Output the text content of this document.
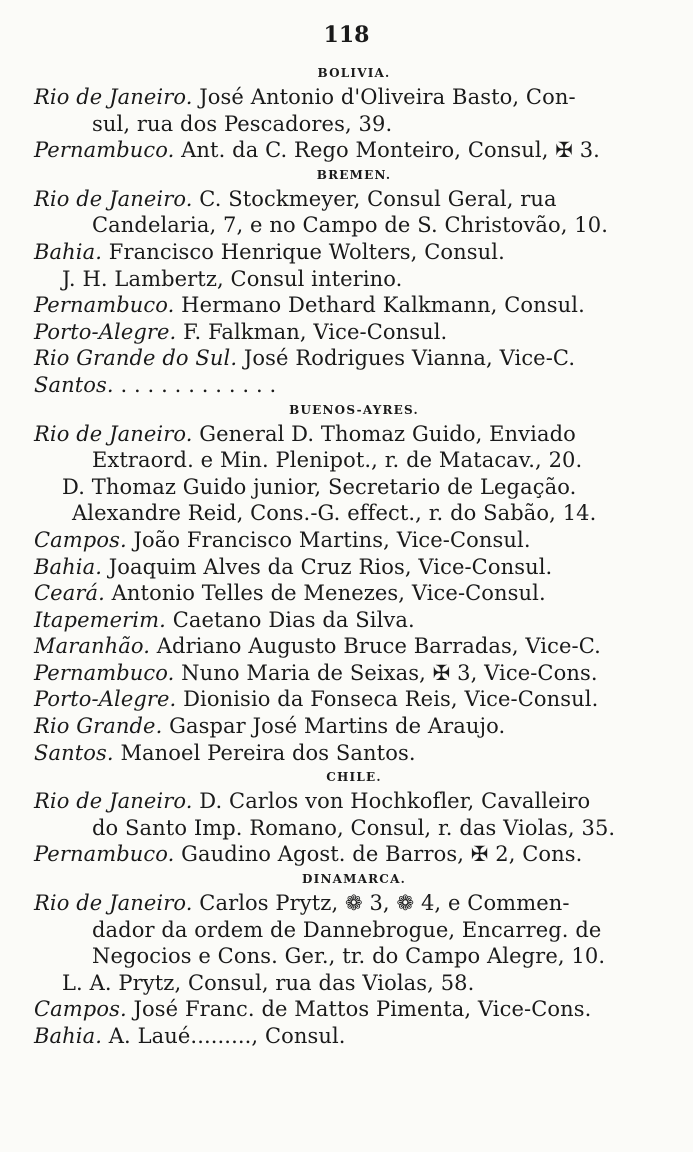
118
BOLIVIA.
Rio de Janeiro. José Antonio d'Oliveira Basto, Con-
sul, rua dos Pescadores, 39.
Pernambuco. Ant. da C. Rego Monteiro, Consul, ✠ 3.
BREMEN.
Rio de Janeiro. C. Stockmeyer, Consul Geral, rua
Candelaria, 7, e no Campo de S. Christovão, 10.
Bahia. Francisco Henrique Wolters, Consul.
J. H. Lambertz, Consul interino.
Pernambuco. Hermano Dethard Kalkmann, Consul.
Porto-Alegre. F. Falkman, Vice-Consul.
Rio Grande do Sul. José Rodrigues Vianna, Vice-C.
Santos. . . . . . . . . . . . .
BUENOS-AYRES.
Rio de Janeiro. General D. Thomaz Guido, Enviado
Extraord. e Min. Plenipot., r. de Matacav., 20.
D. Thomaz Guido junior, Secretario de Legação.
Alexandre Reid, Cons.-G. effect., r. do Sabão, 14.
Campos. João Francisco Martins, Vice-Consul.
Bahia. Joaquim Alves da Cruz Rios, Vice-Consul.
Ceará. Antonio Telles de Menezes, Vice-Consul.
Itapemerim. Caetano Dias da Silva.
Maranhão. Adriano Augusto Bruce Barradas, Vice-C.
Pernambuco. Nuno Maria de Seixas, ✠ 3, Vice-Cons.
Porto-Alegre. Dionisio da Fonseca Reis, Vice-Consul.
Rio Grande. Gaspar José Martins de Araujo.
Santos. Manoel Pereira dos Santos.
CHILE.
Rio de Janeiro. D. Carlos von Hochkofler, Cavalleiro
do Santo Imp. Romano, Consul, r. das Violas, 35.
Pernambuco. Gaudino Agost. de Barros, ✠ 2, Cons.
DINAMARCA.
Rio de Janeiro. Carlos Prytz, ❁ 3, ❁ 4, e Commen-
dador da ordem de Dannebrogue, Encarreg. de
Negocios e Cons. Ger., tr. do Campo Alegre, 10.
L. A. Prytz, Consul, rua das Violas, 58.
Campos. José Franc. de Mattos Pimenta, Vice-Cons.
Bahia. A. Laué........., Consul.
